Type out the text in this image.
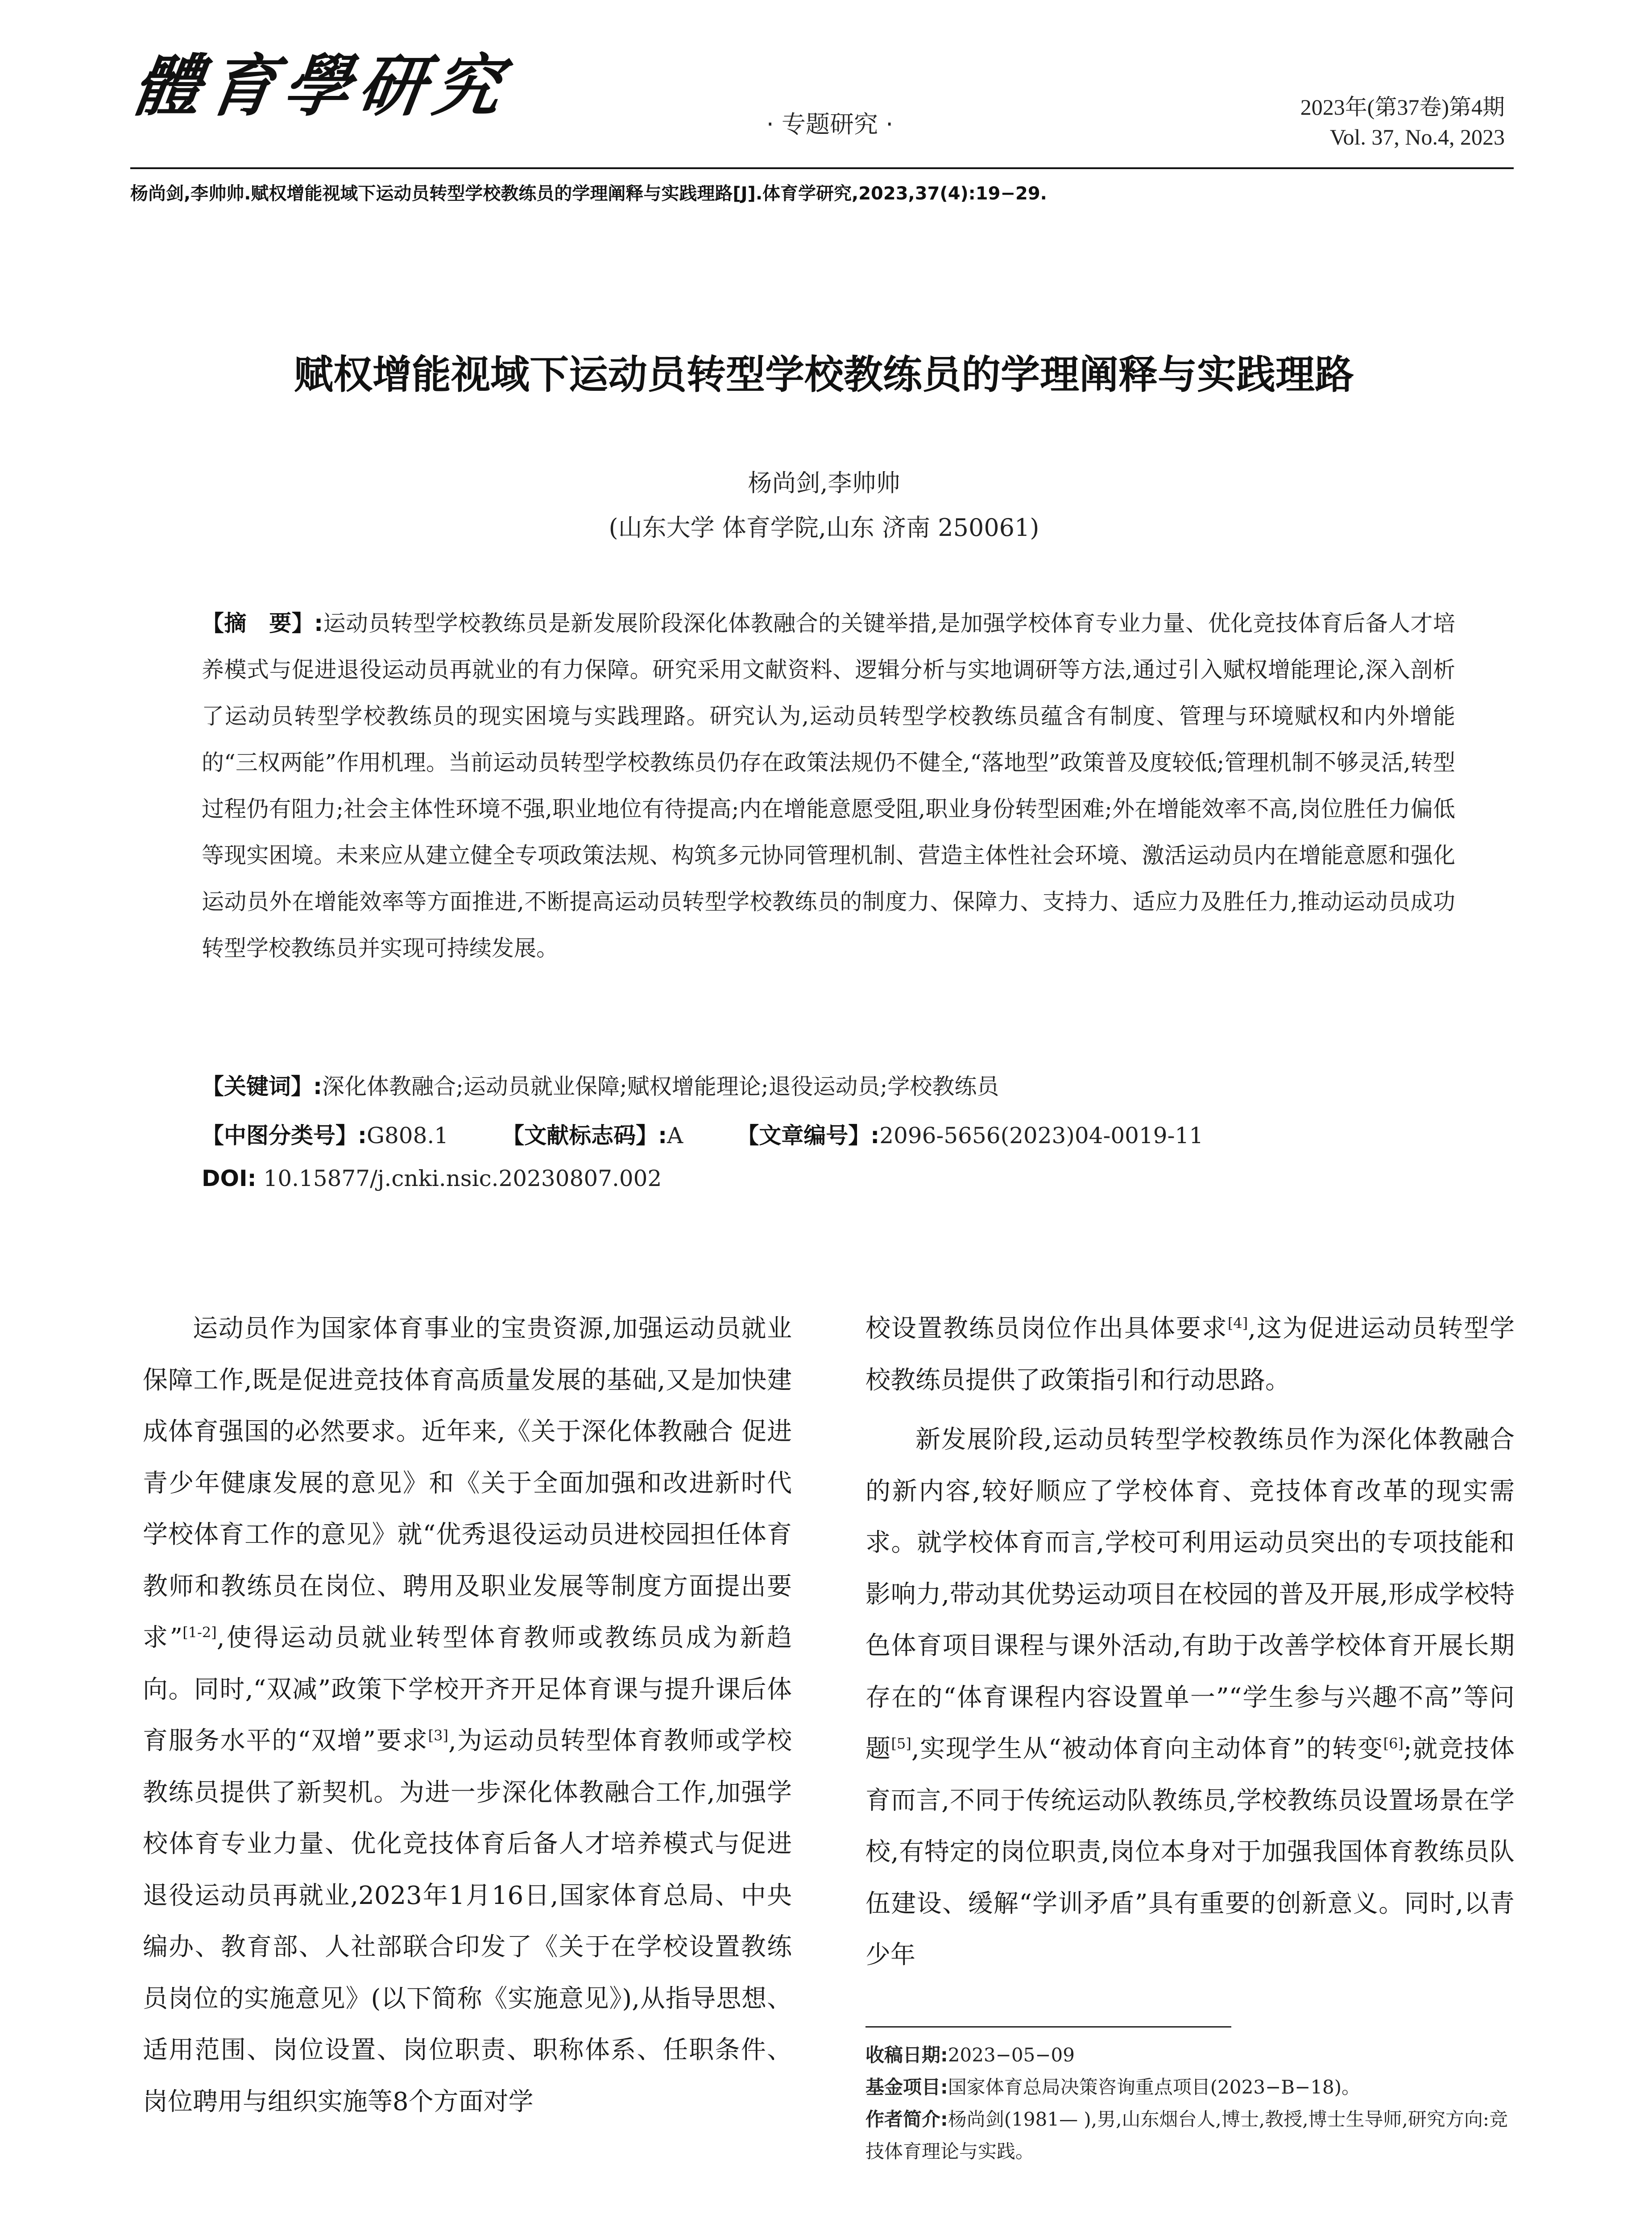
體育學研究	· 专题研究 ·
2023年(第37卷)第4期
Vol. 37, No.4, 2023
杨尚剑,李帅帅.赋权增能视域下运动员转型学校教练员的学理阐释与实践理路[J].体育学研究,2023,37(4):19−29.
赋权增能视域下运动员转型学校教练员的学理阐释与实践理路
杨尚剑,李帅帅
(山东大学 体育学院,山东 济南 250061)
【摘　要】:运动员转型学校教练员是新发展阶段深化体教融合的关键举措,是加强学校体育专业力量、优化竞技体育后备人才培养模式与促进退役运动员再就业的有力保障。研究采用文献资料、逻辑分析与实地调研等方法,通过引入赋权增能理论,深入剖析了运动员转型学校教练员的现实困境与实践理路。研究认为,运动员转型学校教练员蕴含有制度、管理与环境赋权和内外增能的“三权两能”作用机理。当前运动员转型学校教练员仍存在政策法规仍不健全,“落地型”政策普及度较低;管理机制不够灵活,转型过程仍有阻力;社会主体性环境不强,职业地位有待提高;内在增能意愿受阻,职业身份转型困难;外在增能效率不高,岗位胜任力偏低等现实困境。未来应从建立健全专项政策法规、构筑多元协同管理机制、营造主体性社会环境、激活运动员内在增能意愿和强化运动员外在增能效率等方面推进,不断提高运动员转型学校教练员的制度力、保障力、支持力、适应力及胜任力,推动运动员成功转型学校教练员并实现可持续发展。
【关键词】:深化体教融合;运动员就业保障;赋权增能理论;退役运动员;学校教练员
【中图分类号】:G808.1 【文献标志码】:A 【文章编号】:2096-5656(2023)04-0019-11
DOI: 10.15877/j.cnki.nsic.20230807.002

运动员作为国家体育事业的宝贵资源,加强运动员就业保障工作,既是促进竞技体育高质量发展的基础,又是加快建成体育强国的必然要求。近年来,《关于深化体教融合 促进青少年健康发展的意见》和《关于全面加强和改进新时代学校体育工作的意见》就“优秀退役运动员进校园担任体育教师和教练员在岗位、聘用及职业发展等制度方面提出要求”[1-2],使得运动员就业转型体育教师或教练员成为新趋向。同时,“双减”政策下学校开齐开足体育课与提升课后体育服务水平的“双增”要求[3],为运动员转型体育教师或学校教练员提供了新契机。为进一步深化体教融合工作,加强学校体育专业力量、优化竞技体育后备人才培养模式与促进退役运动员再就业,2023年1月16日,国家体育总局、中央编办、教育部、人社部联合印发了《关于在学校设置教练员岗位的实施意见》(以下简称《实施意见》),从指导思想、适用范围、岗位设置、岗位职责、职称体系、任职条件、岗位聘用与组织实施等8个方面对学

校设置教练员岗位作出具体要求[4],这为促进运动员转型学校教练员提供了政策指引和行动思路。

新发展阶段,运动员转型学校教练员作为深化体教融合的新内容,较好顺应了学校体育、竞技体育改革的现实需求。就学校体育而言,学校可利用运动员突出的专项技能和影响力,带动其优势运动项目在校园的普及开展,形成学校特色体育项目课程与课外活动,有助于改善学校体育开展长期存在的“体育课程内容设置单一”“学生参与兴趣不高”等问题[5],实现学生从“被动体育向主动体育”的转变[6];就竞技体育而言,不同于传统运动队教练员,学校教练员设置场景在学校,有特定的岗位职责,岗位本身对于加强我国体育教练员队伍建设、缓解“学训矛盾”具有重要的创新意义。同时,以青少年

收稿日期:2023−05−09
基金项目:国家体育总局决策咨询重点项目(2023−B−18)。
作者简介:杨尚剑(1981— ),男,山东烟台人,博士,教授,博士生导师,研究方向:竞技体育理论与实践。
